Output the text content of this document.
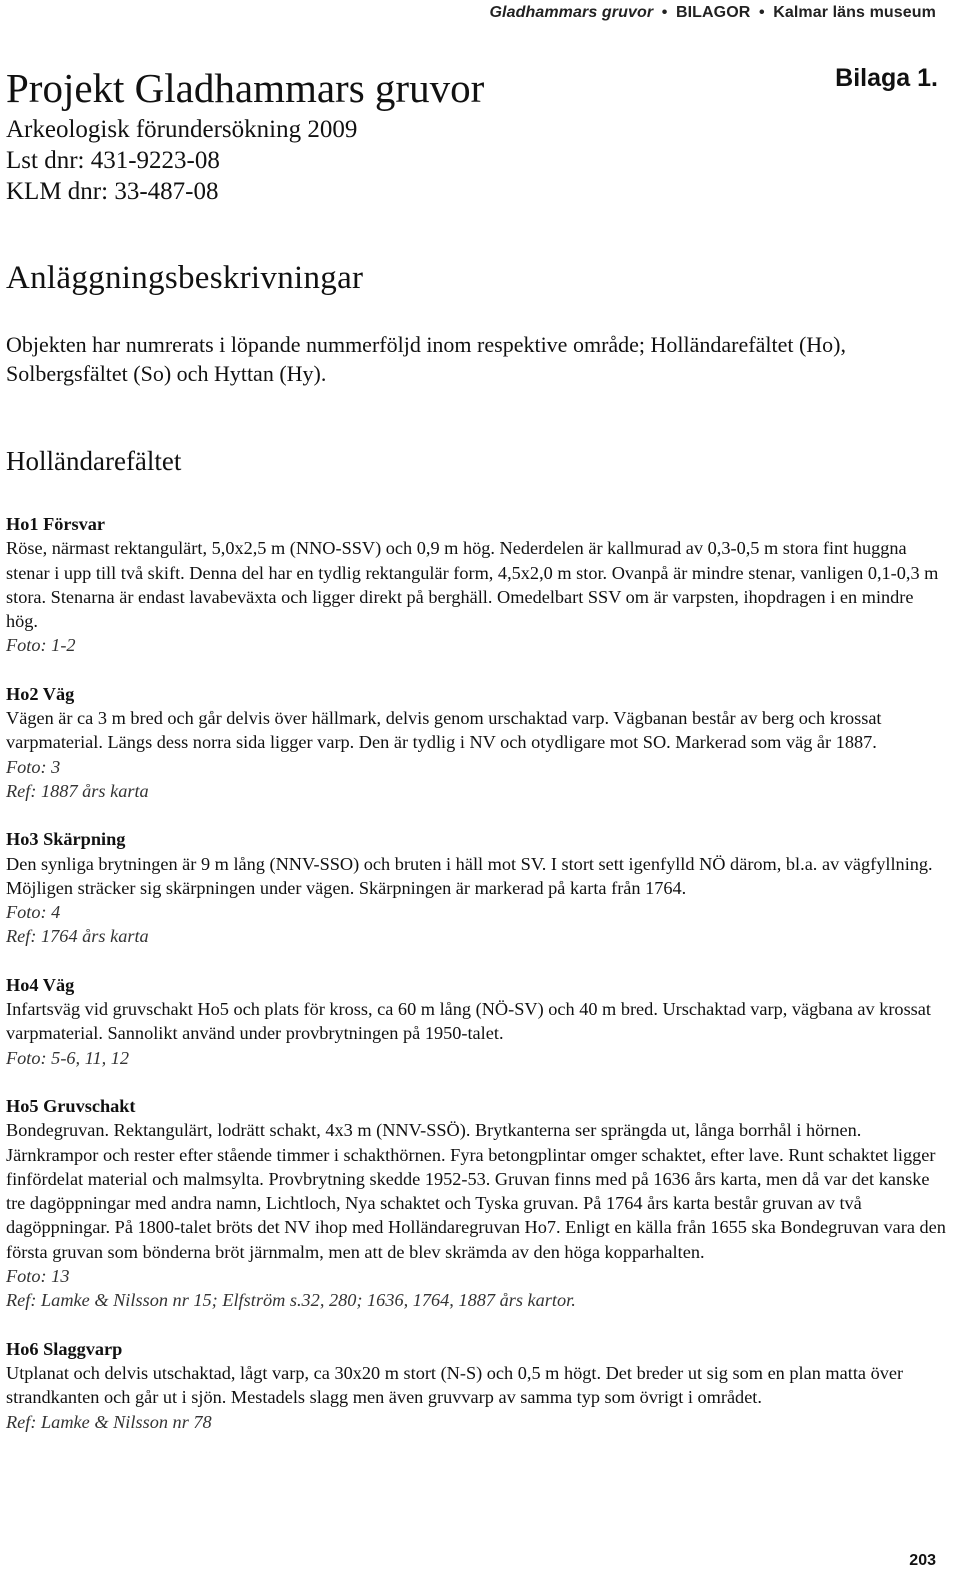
Gladhammars gruvor • BILAGOR • Kalmar läns museum
Bilaga 1.
Projekt Gladhammars gruvor

Arkeologisk förundersökning 2009

Lst dnr: 431-9223-08

KLM dnr: 33-487-08

Anläggningsbeskrivningar

Objekten har numrerats i löpande nummerföljd inom respektive område; Holländarefältet (Ho), Solbergsfältet (So) och Hyttan (Hy).

Holländarefältet

Ho1 Försvar

Röse, närmast rektangulärt, 5,0x2,5 m (NNO-SSV) och 0,9 m hög. Nederdelen är kallmurad av 0,3-0,5 m stora fint huggna stenar i upp till två skift. Denna del har en tydlig rektangulär form, 4,5x2,0 m stor. Ovanpå är mindre stenar, vanligen 0,1-0,3 m stora. Stenarna är endast lavabeväxta och ligger direkt på berghäll. Omedelbart SSV om är varpsten, ihopdragen i en mindre hög.

Foto: 1-2

Ho2 Väg

Vägen är ca 3 m bred och går delvis över hällmark, delvis genom urschaktad varp. Vägbanan består av berg och krossat varpmaterial. Längs dess norra sida ligger varp. Den är tydlig i NV och otydligare mot SO. Markerad som väg år 1887.

Foto: 3

Ref: 1887 års karta

Ho3 Skärpning

Den synliga brytningen är 9 m lång (NNV-SSO) och bruten i häll mot SV. I stort sett igenfylld NÖ därom, bl.a. av vägfyllning. Möjligen sträcker sig skärpningen under vägen. Skärpningen är markerad på karta från 1764.

Foto: 4

Ref: 1764 års karta

Ho4 Väg

Infartsväg vid gruvschakt Ho5 och plats för kross, ca 60 m lång (NÖ-SV) och 40 m bred. Urschaktad varp, vägbana av krossat varpmaterial. Sannolikt använd under provbrytningen på 1950-talet.

Foto: 5-6, 11, 12

Ho5 Gruvschakt

Bondegruvan. Rektangulärt, lodrätt schakt, 4x3 m (NNV-SSÖ). Brytkanterna ser sprängda ut, långa borrhål i hörnen. Järnkrampor och rester efter stående timmer i schakthörnen. Fyra betongplintar omger schaktet, efter lave. Runt schaktet ligger finfördelat material och malmsylta. Provbrytning skedde 1952-53. Gruvan finns med på 1636 års karta, men då var det kanske tre dagöppningar med andra namn, Lichtloch, Nya schaktet och Tyska gruvan. På 1764 års karta består gruvan av två dagöppningar. På 1800-talet bröts det NV ihop med Holländaregruvan Ho7. Enligt en källa från 1655 ska Bondegruvan vara den första gruvan som bönderna bröt järnmalm, men att de blev skrämda av den höga kopparhalten.

Foto: 13

Ref: Lamke & Nilsson nr 15; Elfström s.32, 280; 1636, 1764, 1887 års kartor.

Ho6 Slaggvarp

Utplanat och delvis utschaktad, lågt varp, ca 30x20 m stort (N-S) och 0,5 m högt. Det breder ut sig som en plan matta över strandkanten och går ut i sjön. Mestadels slagg men även gruvvarp av samma typ som övrigt i området.

Ref: Lamke & Nilsson nr 78

203
